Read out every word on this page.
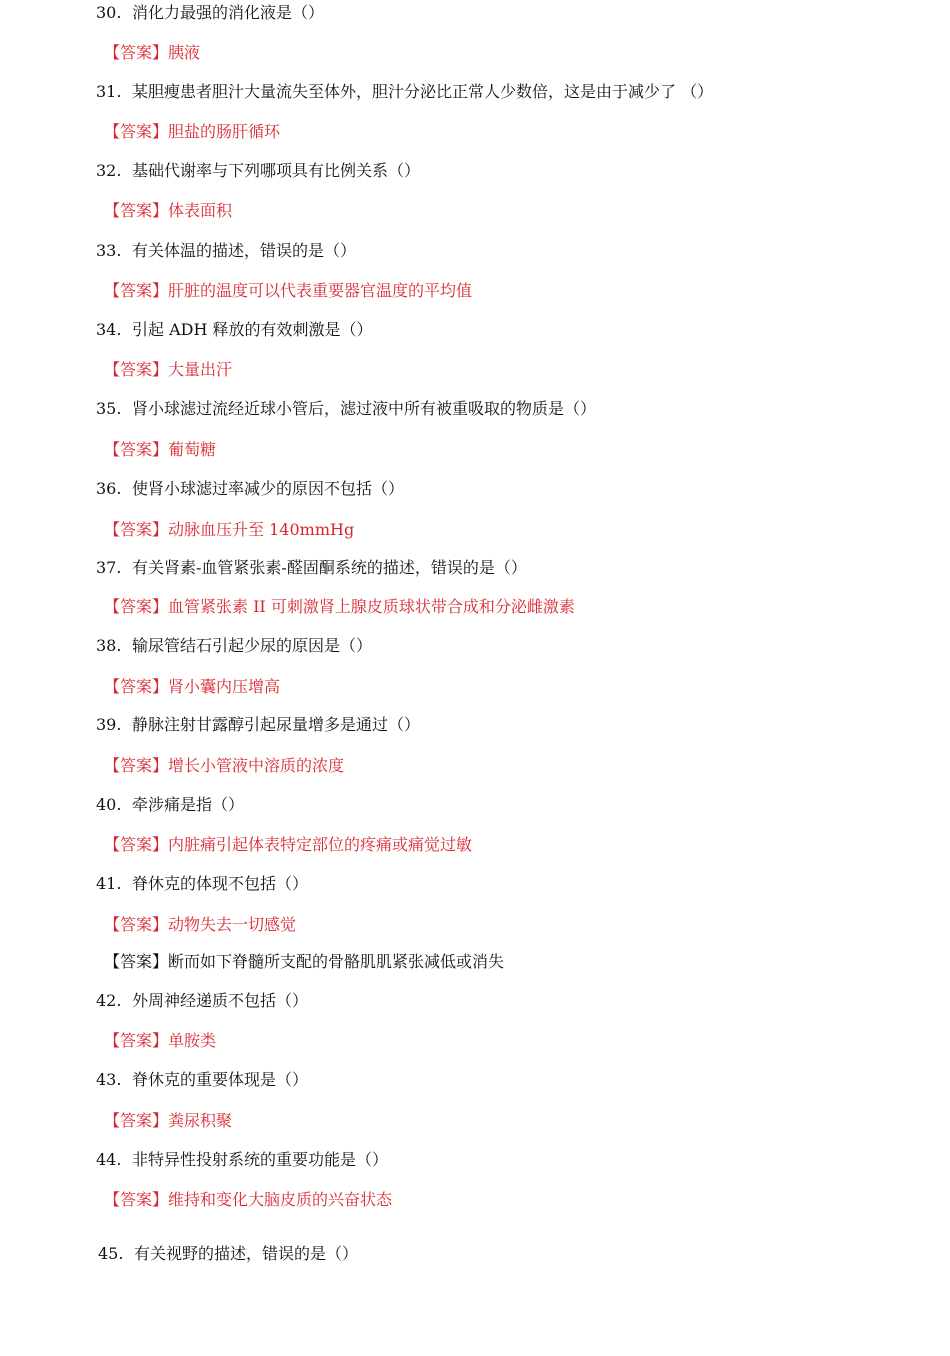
30. 消化力最强的消化液是（）
【答案】胰液
31. 某胆瘦患者胆汁大量流失至体外，胆汁分泌比正常人少数倍，这是由于减少了 （）
【答案】胆盐的肠肝循环
32. 基础代谢率与下列哪项具有比例关系（）
【答案】体表面积
33. 有关体温的描述，错误的是（）
【答案】肝脏的温度可以代表重要器官温度的平均值
34. 引起 ADH 释放的有效刺激是（）
【答案】大量出汗
35. 肾小球滤过流经近球小管后，滤过液中所有被重吸取的物质是（）
【答案】葡萄糖
36. 使肾小球滤过率减少的原因不包括（）
【答案】动脉血压升至 140mmHg
37. 有关肾素-血管紧张素-醛固酮系统的描述，错误的是（）
【答案】血管紧张素 II 可刺激肾上腺皮质球状带合成和分泌雌激素
38. 输尿管结石引起少尿的原因是（）
【答案】肾小囊内压增高
39. 静脉注射甘露醇引起尿量增多是通过（）
【答案】增长小管液中溶质的浓度
40. 牵涉痛是指（）
【答案】内脏痛引起体表特定部位的疼痛或痛觉过敏
41. 脊休克的体现不包括（）
【答案】动物失去一切感觉
【答案】断而如下脊髓所支配的骨骼肌肌紧张减低或消失
42. 外周神经递质不包括（）
【答案】单胺类
43. 脊休克的重要体现是（）
【答案】粪尿积聚
44. 非特异性投射系统的重要功能是（）
【答案】维持和变化大脑皮质的兴奋状态
45. 有关视野的描述，错误的是（）
